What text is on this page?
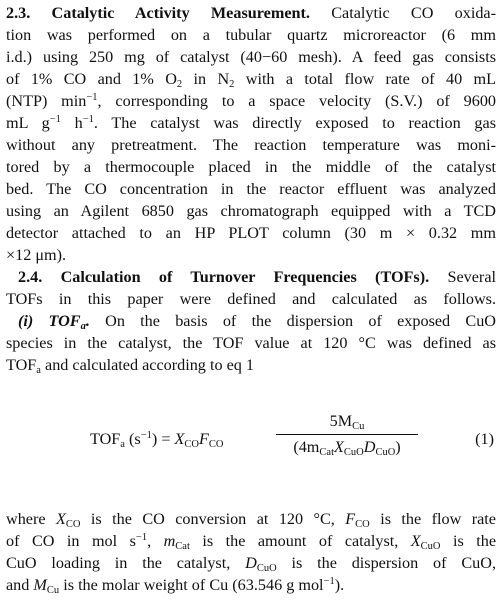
2.3. Catalytic Activity Measurement. Catalytic CO oxida-
tion was performed on a tubular quartz microreactor (6 mm
i.d.) using 250 mg of catalyst (40−60 mesh). A feed gas consists
of 1% CO and 1% $O_2$ in $N_2$ with a total flow rate of 40 mL
(NTP) $\min^{-1}$, corresponding to a space velocity (S.V.) of 9600
mL $g^{-1}$ $h^{-1}$. The catalyst was directly exposed to reaction gas
without any pretreatment. The reaction temperature was moni-
tored by a thermocouple placed in the middle of the catalyst
bed. The CO concentration in the reactor effluent was analyzed
using an Agilent 6850 gas chromatograph equipped with a TCD
detector attached to an HP PLOT column (30 m × 0.32 mm
×12 μm).
2.4. Calculation of Turnover Frequencies (TOFs). Several
TOFs in this paper were defined and calculated as follows.
(i) $TOF_a$. On the basis of the dispersion of exposed CuO
species in the catalyst, the TOF value at 120 °C was defined as
$TOF_a$ and calculated according to eq 1
$TOF_a$ $(s^{-1}) = X_{CO}F_{CO}$
$5M_{Cu}$
$(4m_{Cat}X_{CuO}D_{CuO})$	(1)
where $X_{CO}$ is the CO conversion at 120 °C, $F_{CO}$ is the flow rate
of CO in mol $s^{-1}$, $m_{Cat}$ is the amount of catalyst, $X_{CuO}$ is the
CuO loading in the catalyst, $D_{CuO}$ is the dispersion of CuO,
and $M_{Cu}$ is the molar weight of Cu (63.546 g mol$^{-1}$).
